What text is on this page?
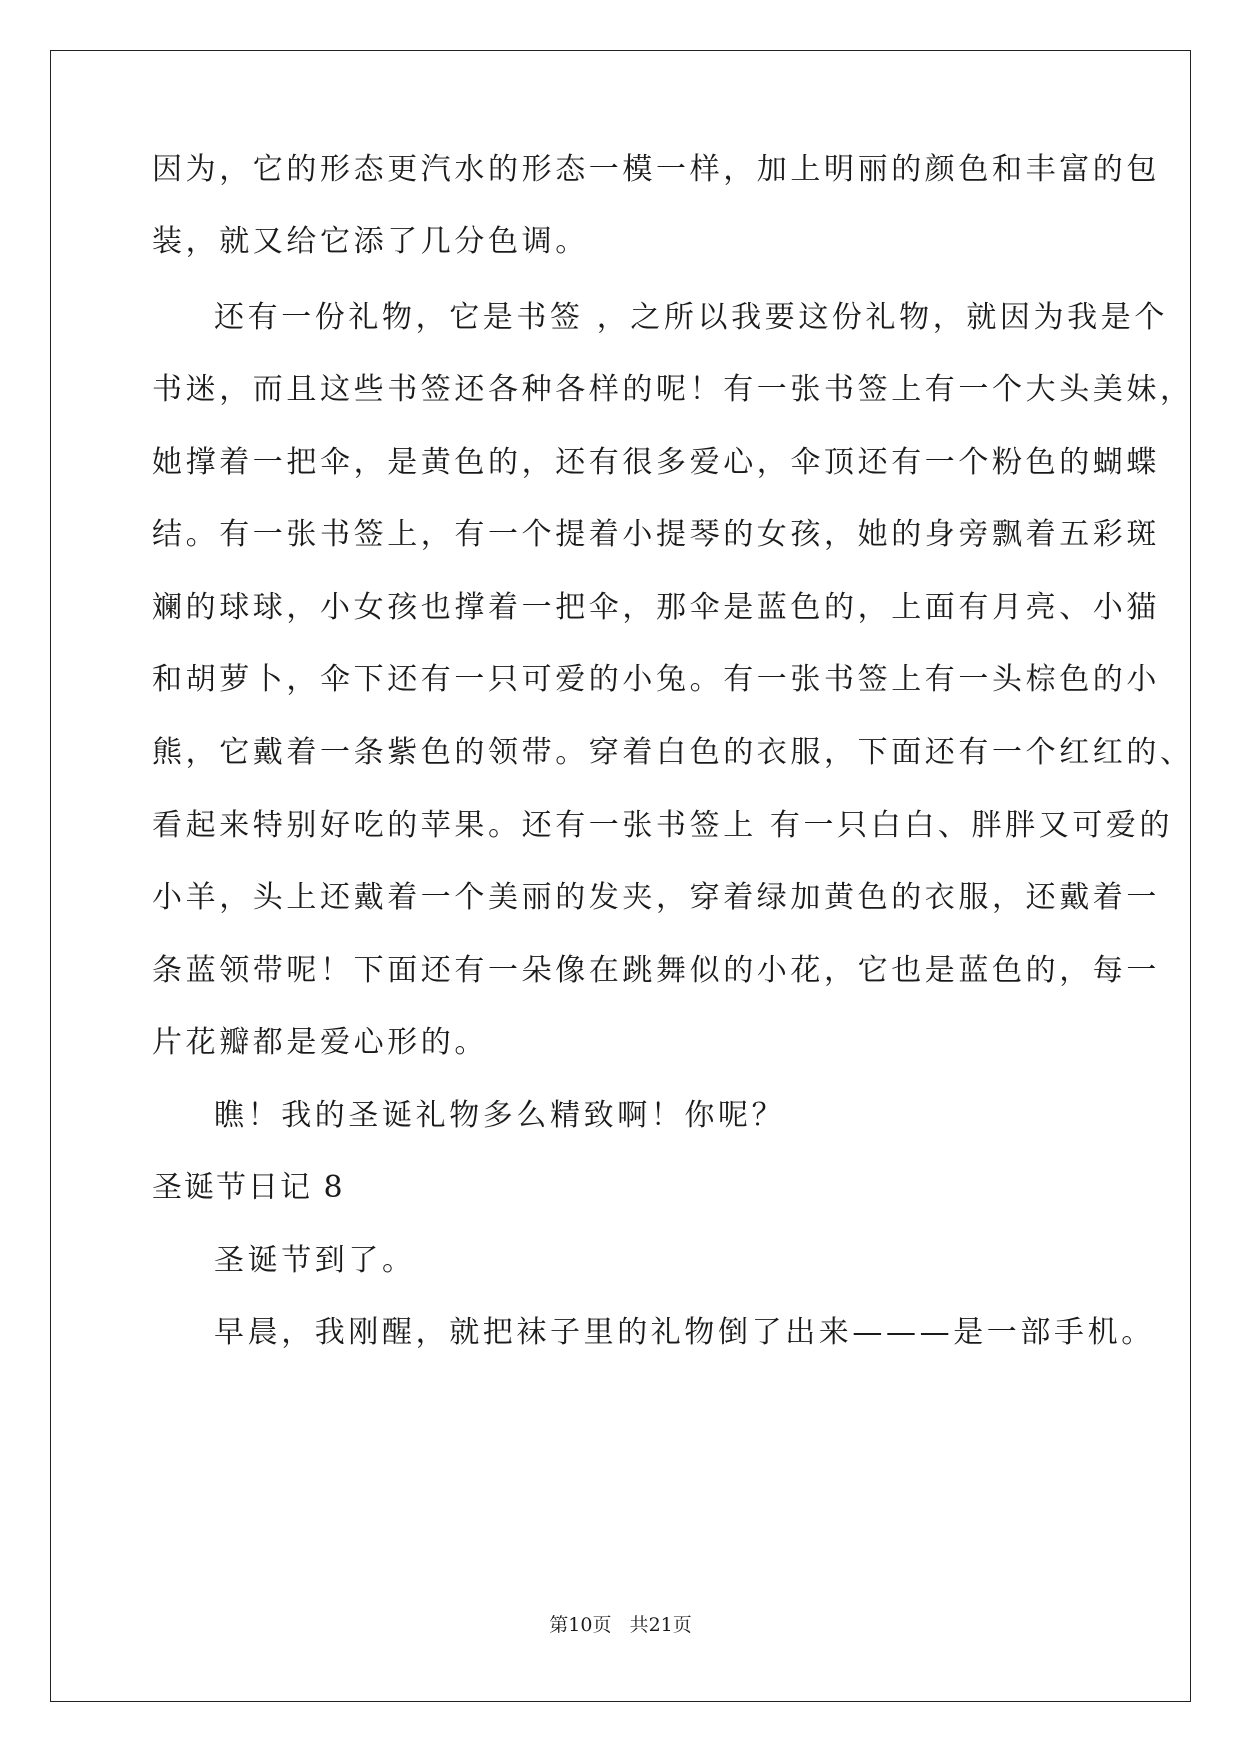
因为，它的形态更汽水的形态一模一样，加上明丽的颜色和丰富的包
装，就又给它添了几分色调。
还有一份礼物，它是书签 ，之所以我要这份礼物，就因为我是个
书迷，而且这些书签还各种各样的呢！有一张书签上有一个大头美妹，
她撑着一把伞，是黄色的，还有很多爱心，伞顶还有一个粉色的蝴蝶
结。有一张书签上，有一个提着小提琴的女孩，她的身旁飘着五彩斑
斓的球球，小女孩也撑着一把伞，那伞是蓝色的，上面有月亮、小猫
和胡萝卜，伞下还有一只可爱的小兔。有一张书签上有一头棕色的小
熊，它戴着一条紫色的领带。穿着白色的衣服，下面还有一个红红的、
看起来特别好吃的苹果。还有一张书签上 有一只白白、胖胖又可爱的
小羊，头上还戴着一个美丽的发夹，穿着绿加黄色的衣服，还戴着一
条蓝领带呢！下面还有一朵像在跳舞似的小花，它也是蓝色的，每一
片花瓣都是爱心形的。
瞧！我的圣诞礼物多么精致啊！你呢？
圣诞节日记 8
圣诞节到了。
早晨，我刚醒，就把袜子里的礼物倒了出来———是一部手机。
第10页   共21页
